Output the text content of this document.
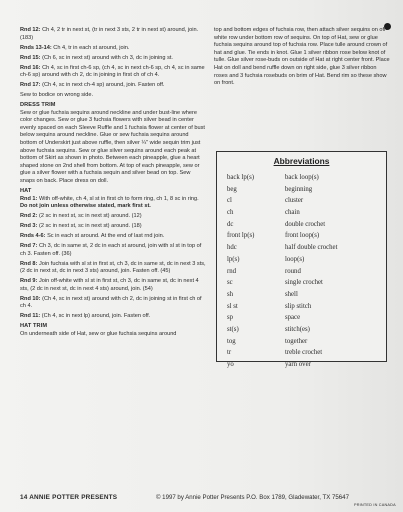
Rnd 12: Ch 4, 2 tr in next st, (tr in next 3 sts, 2 tr in next st) around, join. (183)

Rnds 13-14: Ch 4, tr in each st around, join.

Rnd 15: (Ch 6, sc in next st) around with ch 3, dc in joining st.

Rnd 16: Ch 4, sc in first ch-6 sp, (ch 4, sc in next ch-6 sp, ch 4, sc in same ch-6 sp) around with ch 2, dc in joining in first ch of ch 4.

Rnd 17: (Ch 4, sc in next ch-4 sp) around, join. Fasten off.

Sew to bodice on wrong side.

DRESS TRIM

Sew or glue fuchsia sequins around neckline and under bust-line where color changes. Sew or glue 3 fuchsia flowers with silver bead in center evenly spaced on each Sleeve Ruffle and 1 fuchsia flower at center of bust below sequins around neckline. Glue or sew fuchsia sequins around bottom of Underskirt just above ruffle, then silver ¼" wide sequin trim just above fuchsia sequins. Sew or glue silver sequins around each peak at bottom of Skirt as shown in photo. Between each pineapple, glue a heart shaped stone on 2nd shell from bottom. At top of each pineapple, sew or glue a silver flower with a fuchsia sequin and silver bead on top. Sew snaps on back. Place dress on doll.

HAT

Rnd 1: With off-white, ch 4, sl st in first ch to form ring, ch 1, 8 sc in ring. Do not join unless otherwise stated, mark first st.

Rnd 2: (2 sc in next st, sc in next st) around. (12)

Rnd 3: (2 sc in next st, sc in next st) around. (18)

Rnds 4-6: Sc in each st around. At the end of last rnd join.

Rnd 7: Ch 3, dc in same st, 2 dc in each st around, join with sl st in top of ch 3. Fasten off. (36)

Rnd 8: Join fuchsia with sl st in first st, ch 3, dc in same st, dc in next 3 sts, (2 dc in next st, dc in next 3 sts) around, join. Fasten off. (45)

Rnd 9: Join off-white with sl st in first st, ch 3, dc in same st, dc in next 4 sts, (2 dc in next st, dc in next 4 sts) around, join. (54)

Rnd 10: (Ch 4, sc in next st) around with ch 2, dc in joining st in first ch of ch 4.

Rnd 11: (Ch 4, sc in next lp) around, join. Fasten off.

HAT TRIM

On underneath side of Hat, sew or glue fuchsia sequins around

top and bottom edges of fuchsia row, then attach silver sequins on off-white row under bottom row of sequins. On top of Hat, sew or glue fuchsia sequins around top of fuchsia row. Place tulle around crown of hat and glue. Tie ends in knot. Glue 1 silver ribbon rose below knot of tulle. Glue silver rose-buds on outside of Hat at right center front. Place Hat on doll and bend ruffle down on right side, glue 3 silver ribbon roses and 3 fuchsia rosebuds on brim of Hat. Bend rim so these show on front.

Abbreviations
back lp(s)	back loop(s)
beg	beginning
cl	cluster
ch	chain
dc	double crochet
front lp(s)	front loop(s)
hdc	half double crochet
lp(s)	loop(s)
rnd	round
sc	single crochet
sh	shell
sl st	slip stitch
sp	space
st(s)	stitch(es)
tog	together
tr	treble crochet
yo	yarn over
14 ANNIE POTTER PRESENTS	© 1997 by Annie Potter Presents P.O. Box 1789, Gladewater, TX 75647
PRINTED IN CANADA
